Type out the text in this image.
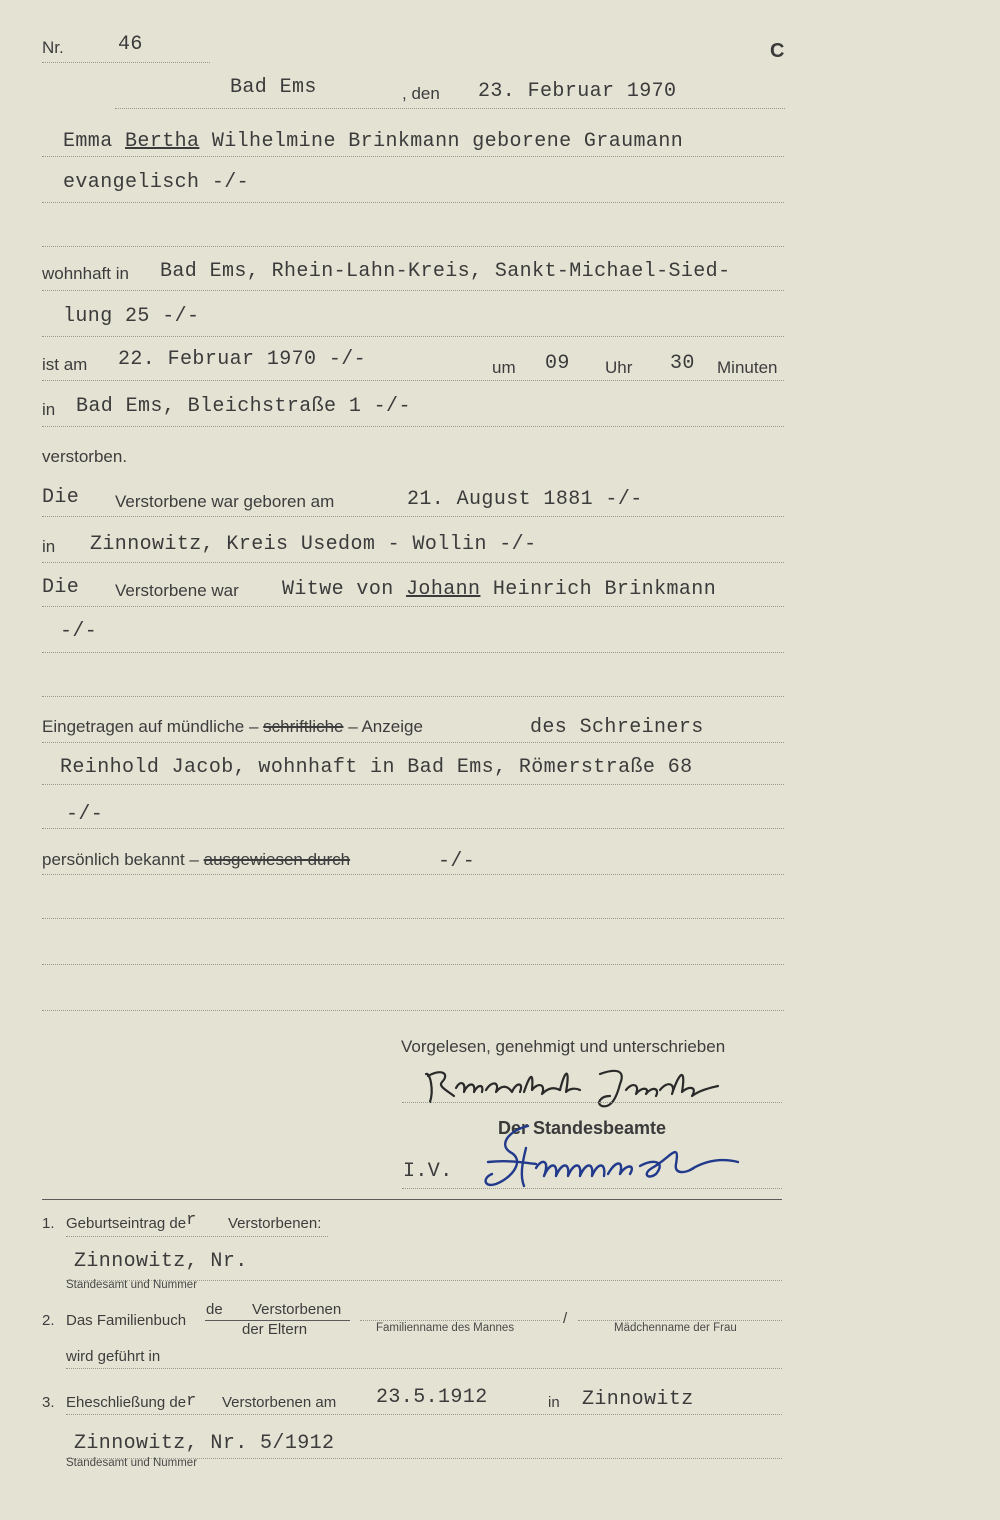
Nr.	46	C
Bad Ems	, den 23. Februar 1970
Emma Bertha Wilhelmine Brinkmann geborene Graumann
evangelisch -/-
wohnhaft in Bad Ems, Rhein-Lahn-Kreis, Sankt-Michael-Sied-
lung 25 -/-
ist am 22. Februar 1970 -/-	um 09 Uhr 30 Minuten
in Bad Ems, Bleichstraße 1 -/-
verstorben.
Die Verstorbene war geboren am	21. August 1881 -/-
in Zinnowitz, Kreis Usedom - Wollin -/-
Die Verstorbene war Witwe von Johann Heinrich Brinkmann
-/-
Eingetragen auf mündliche – schriftliche – Anzeige	des Schreiners
Reinhold Jacob, wohnhaft in Bad Ems, Römerstraße 68
-/-
persönlich bekannt – ausgewiesen durch	-/-
Vorgelesen, genehmigt und unterschrieben
Der Standesbeamte
I.V.
1. Geburtseintrag der Verstorbenen:
Zinnowitz, Nr.
Standesamt und Nummer
2. Das Familienbuch
de Verstorbenen
der Eltern	Familienname des Mannes
/
Mädchenname der Frau
wird geführt in
3. Eheschließung der Verstorbenen am 23.5.1912	in Zinnowitz
Zinnowitz, Nr. 5/1912
Standesamt und Nummer
